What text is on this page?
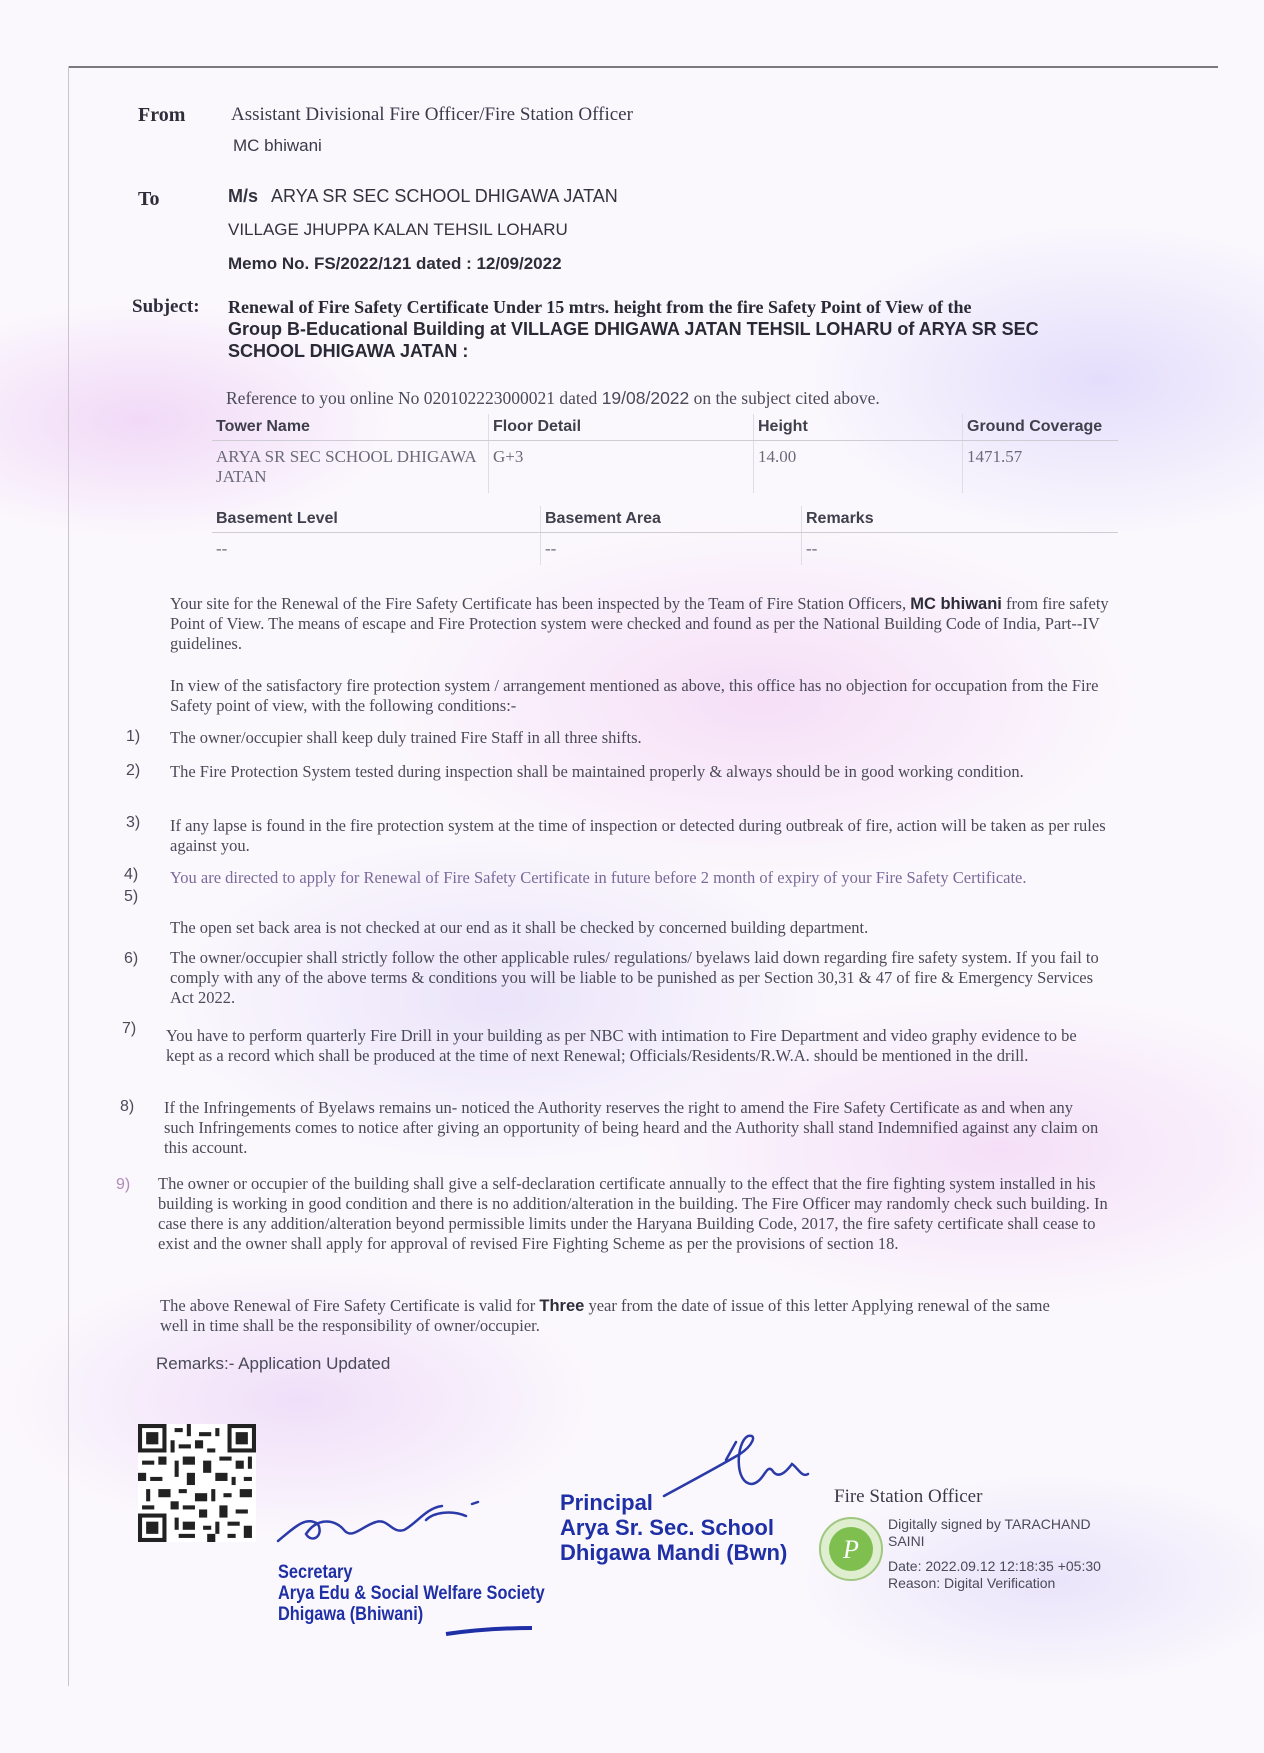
From Assistant Divisional Fire Officer/Fire Station Officer
MC bhiwani
To	M/s ARYA SR SEC SCHOOL DHIGAWA JATAN
VILLAGE JHUPPA KALAN TEHSIL LOHARU
Memo No. FS/2022/121 dated : 12/09/2022
Subject: Renewal of Fire Safety Certificate Under 15 mtrs. height from the fire Safety Point of View of the
Group B-Educational Building at VILLAGE DHIGAWA JATAN TEHSIL LOHARU of ARYA SR SEC
SCHOOL DHIGAWA JATAN :
Reference to you online No 020102223000021 dated 19/08/2022 on the subject cited above.
Tower Name	Floor Detail	Height	Ground Coverage
ARYA SR SEC SCHOOL DHIGAWA JATAN	G+3	14.00	1471.57
Basement Level	Basement Area	Remarks
--	--	--
Your site for the Renewal of the Fire Safety Certificate has been inspected by the Team of Fire Station Officers, MC bhiwani from fire safety Point of View. The means of escape and Fire Protection system were checked and found as per the National Building Code of India, Part--IV guidelines.
In view of the satisfactory fire protection system / arrangement mentioned as above, this office has no objection for occupation from the Fire Safety point of view, with the following conditions:-
1) The owner/occupier shall keep duly trained Fire Staff in all three shifts.
2) The Fire Protection System tested during inspection shall be maintained properly & always should be in good working condition.
3) If any lapse is found in the fire protection system at the time of inspection or detected during outbreak of fire, action will be taken as per rules against you.
4) You are directed to apply for Renewal of Fire Safety Certificate in future before 2 month of expiry of your Fire Safety Certificate.
5)
The open set back area is not checked at our end as it shall be checked by concerned building department.
6) The owner/occupier shall strictly follow the other applicable rules/ regulations/ byelaws laid down regarding fire safety system. If you fail to comply with any of the above terms & conditions you will be liable to be punished as per Section 30,31 & 47 of fire & Emergency Services Act 2022.
7) You have to perform quarterly Fire Drill in your building as per NBC with intimation to Fire Department and video graphy evidence to be kept as a record which shall be produced at the time of next Renewal; Officials/Residents/R.W.A. should be mentioned in the drill.
8) If the Infringements of Byelaws remains un- noticed the Authority reserves the right to amend the Fire Safety Certificate as and when any such Infringements comes to notice after giving an opportunity of being heard and the Authority shall stand Indemnified against any claim on this account.
9) The owner or occupier of the building shall give a self-declaration certificate annually to the effect that the fire fighting system installed in his building is working in good condition and there is no addition/alteration in the building. The Fire Officer may randomly check such building. In case there is any addition/alteration beyond permissible limits under the Haryana Building Code, 2017, the fire safety certificate shall cease to exist and the owner shall apply for approval of revised Fire Fighting Scheme as per the provisions of section 18.
The above Renewal of Fire Safety Certificate is valid for Three year from the date of issue of this letter Applying renewal of the same well in time shall be the responsibility of owner/occupier.
Remarks:- Application Updated
Secretary
Arya Edu & Social Welfare Society
Dhigawa (Bhiwani)
Principal
Arya Sr. Sec. School
Dhigawa Mandi (Bwn)
Fire Station Officer
P
Digitally signed by TARACHAND
SAINI
Date: 2022.09.12 12:18:35 +05:30
Reason: Digital Verification
